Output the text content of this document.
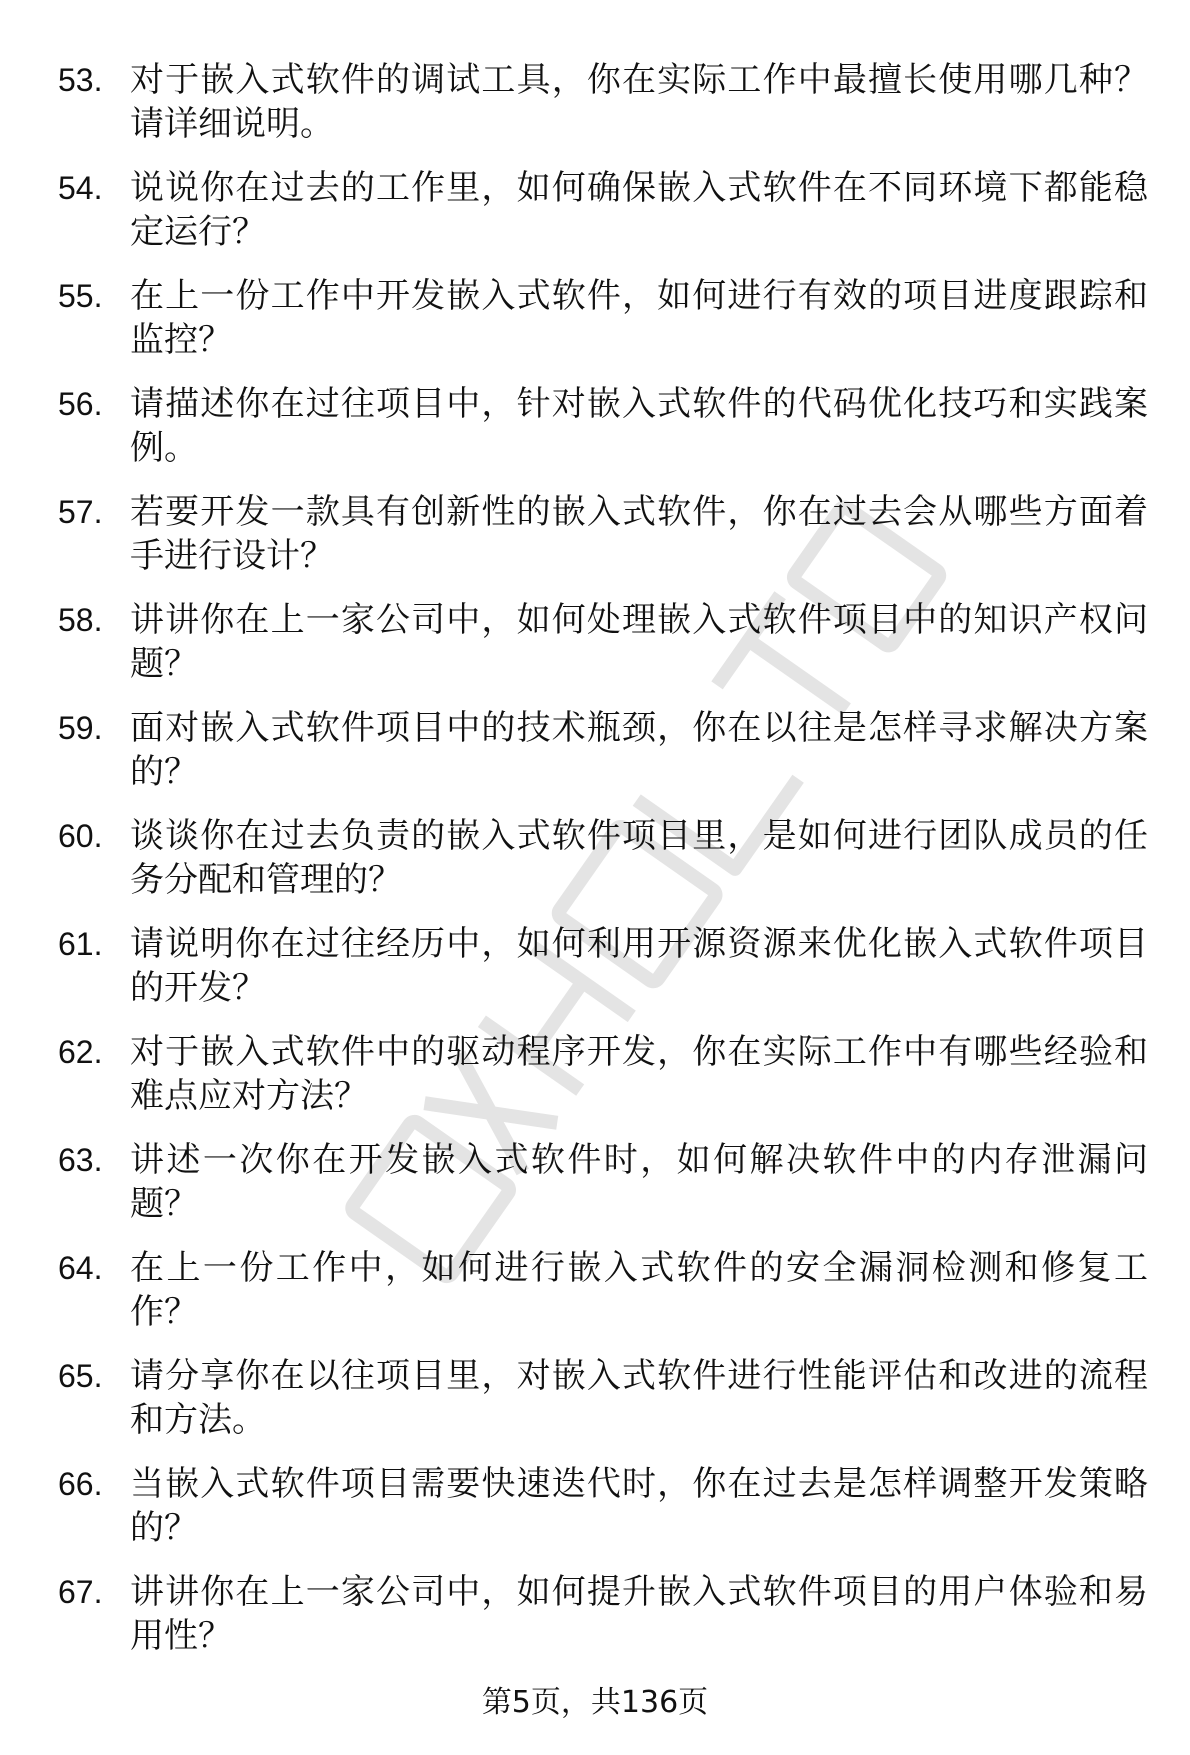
53. 对于嵌入式软件的调试工具，你在实际工作中最擅长使用哪几种？请详细说明。
54. 说说你在过去的工作里，如何确保嵌入式软件在不同环境下都能稳定运行？
55. 在上一份工作中开发嵌入式软件，如何进行有效的项目进度跟踪和监控？
56. 请描述你在过往项目中，针对嵌入式软件的代码优化技巧和实践案例。
57. 若要开发一款具有创新性的嵌入式软件，你在过去会从哪些方面着手进行设计？
58. 讲讲你在上一家公司中，如何处理嵌入式软件项目中的知识产权问题？
59. 面对嵌入式软件项目中的技术瓶颈，你在以往是怎样寻求解决方案的？
60. 谈谈你在过去负责的嵌入式软件项目里，是如何进行团队成员的任务分配和管理的？
61. 请说明你在过往经历中，如何利用开源资源来优化嵌入式软件项目的开发？
62. 对于嵌入式软件中的驱动程序开发，你在实际工作中有哪些经验和难点应对方法？
63. 讲述一次你在开发嵌入式软件时，如何解决软件中的内存泄漏问题？
64. 在上一份工作中，如何进行嵌入式软件的安全漏洞检测和修复工作？
65. 请分享你在以往项目里，对嵌入式软件进行性能评估和改进的流程和方法。
66. 当嵌入式软件项目需要快速迭代时，你在过去是怎样调整开发策略的？
67. 讲讲你在上一家公司中，如何提升嵌入式软件项目的用户体验和易用性？
第5页，共136页
